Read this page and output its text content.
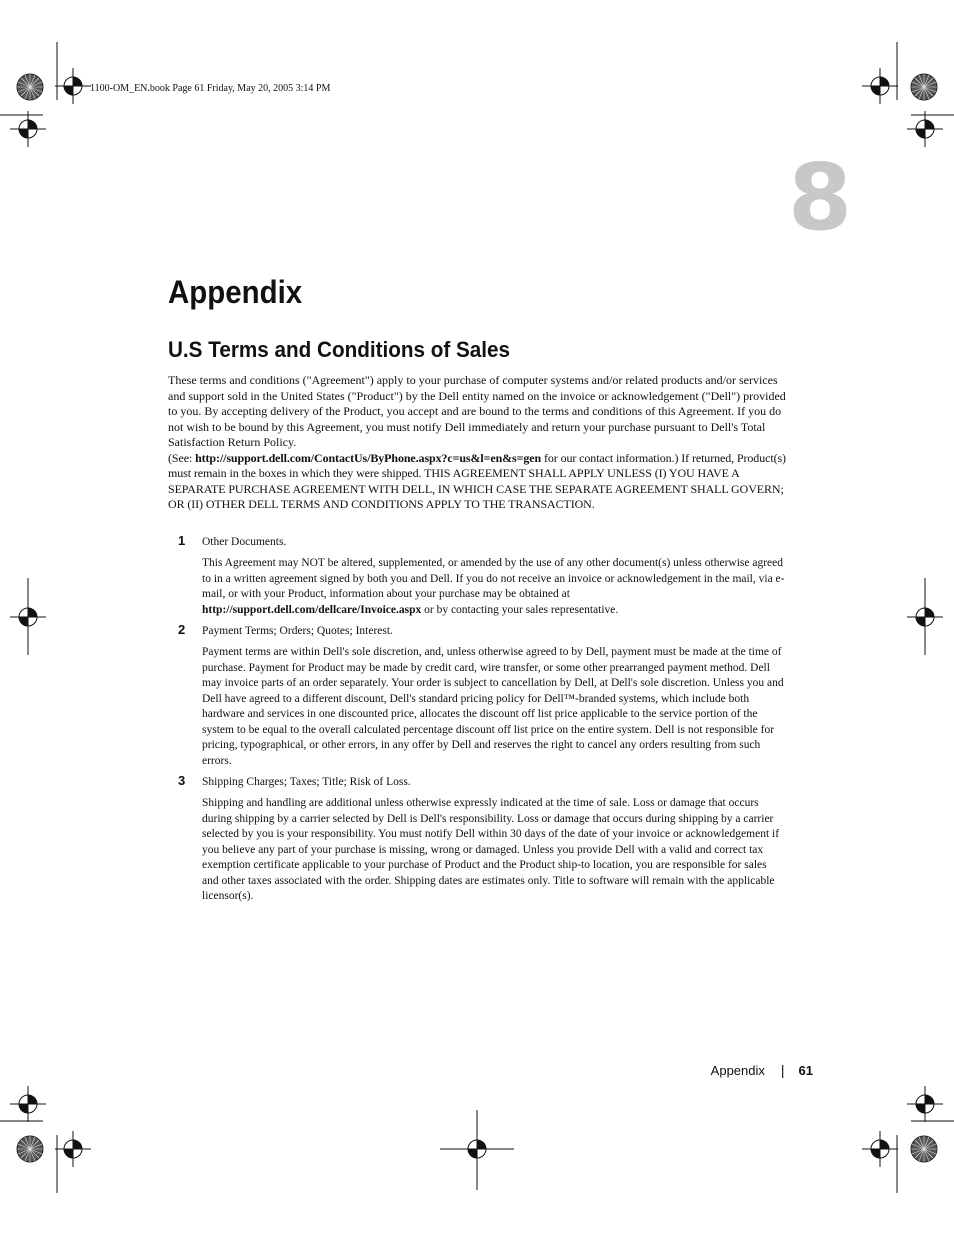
1100-OM_EN.book Page 61 Friday, May 20, 2005 3:14 PM
8
Appendix
U.S Terms and Conditions of Sales

These terms and conditions ("Agreement") apply to your purchase of computer systems and/or related products and/or services and support sold in the United States ("Product") by the Dell entity named on the invoice or acknowledgement ("Dell") provided to you. By accepting delivery of the Product, you accept and are bound to the terms and conditions of this Agreement. If you do not wish to be bound by this Agreement, you must notify Dell immediately and return your purchase pursuant to Dell's Total Satisfaction Return Policy.

(See: http://support.dell.com/ContactUs/ByPhone.aspx?c=us&l=en&s=gen for our contact information.) If returned, Product(s) must remain in the boxes in which they were shipped. THIS AGREEMENT SHALL APPLY UNLESS (I) YOU HAVE A SEPARATE PURCHASE AGREEMENT WITH DELL, IN WHICH CASE THE SEPARATE AGREEMENT SHALL GOVERN; OR (II) OTHER DELL TERMS AND CONDITIONS APPLY TO THE TRANSACTION.

1 Other Documents.
This Agreement may NOT be altered, supplemented, or amended by the use of any other document(s) unless otherwise agreed to in a written agreement signed by both you and Dell. If you do not receive an invoice or acknowledgement in the mail, via e-mail, or with your Product, information about your purchase may be obtained at http://support.dell.com/dellcare/Invoice.aspx or by contacting your sales representative.
2 Payment Terms; Orders; Quotes; Interest.
Payment terms are within Dell's sole discretion, and, unless otherwise agreed to by Dell, payment must be made at the time of purchase. Payment for Product may be made by credit card, wire transfer, or some other prearranged payment method. Dell may invoice parts of an order separately. Your order is subject to cancellation by Dell, at Dell's sole discretion. Unless you and Dell have agreed to a different discount, Dell's standard pricing policy for Dell™-branded systems, which include both hardware and services in one discounted price, allocates the discount off list price applicable to the service portion of the system to be equal to the overall calculated percentage discount off list price on the entire system. Dell is not responsible for pricing, typographical, or other errors, in any offer by Dell and reserves the right to cancel any orders resulting from such errors.
3 Shipping Charges; Taxes; Title; Risk of Loss.
Shipping and handling are additional unless otherwise expressly indicated at the time of sale. Loss or damage that occurs during shipping by a carrier selected by Dell is Dell's responsibility. Loss or damage that occurs during shipping by a carrier selected by you is your responsibility. You must notify Dell within 30 days of the date of your invoice or acknowledgement if you believe any part of your purchase is missing, wrong or damaged. Unless you provide Dell with a valid and correct tax exemption certificate applicable to your purchase of Product and the Product ship-to location, you are responsible for sales and other taxes associated with the order. Shipping dates are estimates only. Title to software will remain with the applicable licensor(s).
Appendix | 61
